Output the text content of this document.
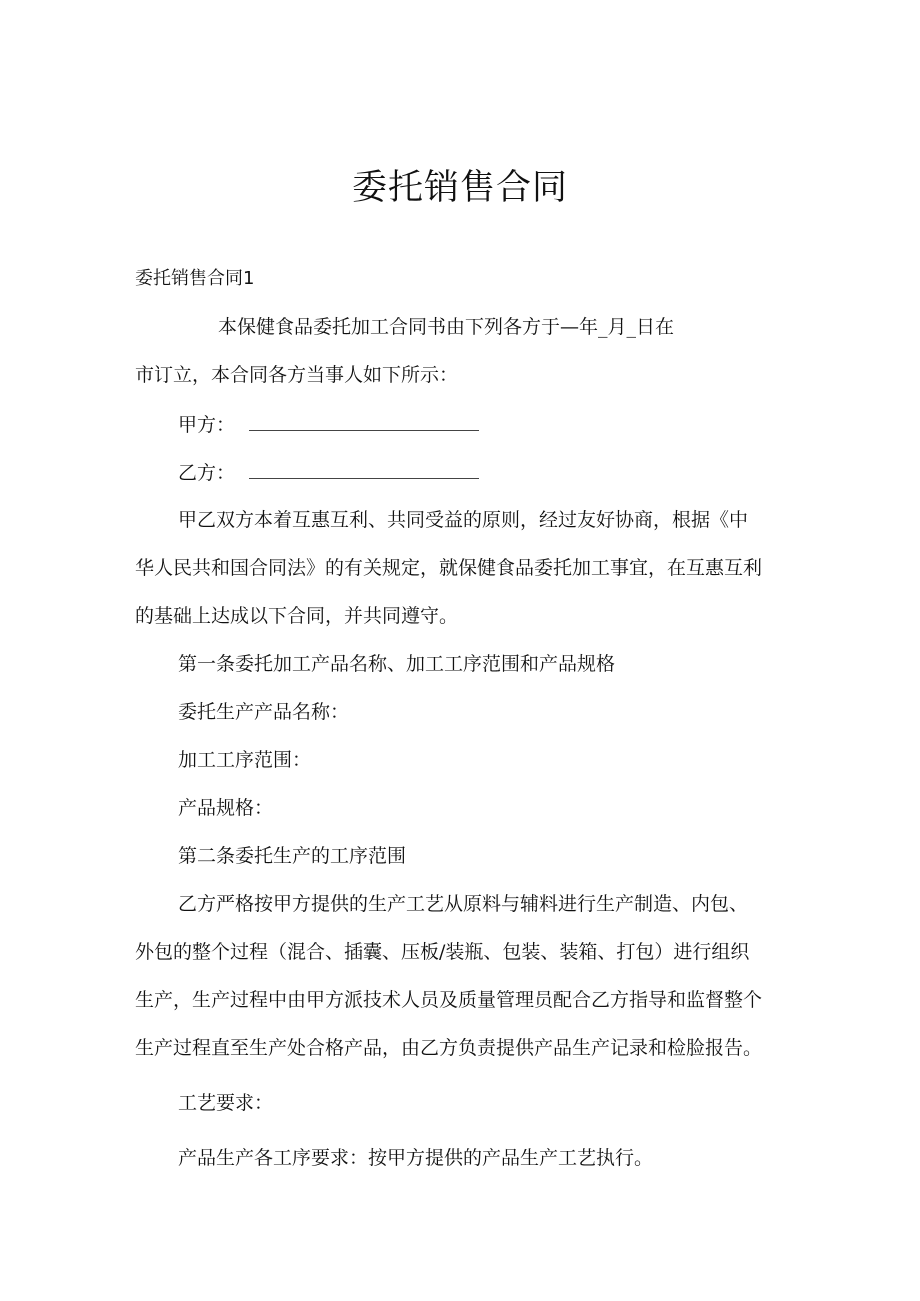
委托销售合同

委托销售合同1

本保健食品委托加工合同书由下列各方于—年_月_日在

市订立，本合同各方当事人如下所示：

甲方：

乙方：

甲乙双方本着互惠互利、共同受益的原则，经过友好协商，根据《中

华人民共和国合同法》的有关规定，就保健食品委托加工事宜，在互惠互利

的基础上达成以下合同，并共同遵守。

第一条委托加工产品名称、加工工序范围和产品规格

委托生产产品名称：

加工工序范围：

产品规格：

第二条委托生产的工序范围

乙方严格按甲方提供的生产工艺从原料与辅料进行生产制造、内包、

外包的整个过程（混合、插囊、压板/装瓶、包装、装箱、打包）进行组织

生产，生产过程中由甲方派技术人员及质量管理员配合乙方指导和监督整个

生产过程直至生产处合格产品，由乙方负责提供产品生产记录和检脸报告。

工艺要求：

产品生产各工序要求：按甲方提供的产品生产工艺执行。
